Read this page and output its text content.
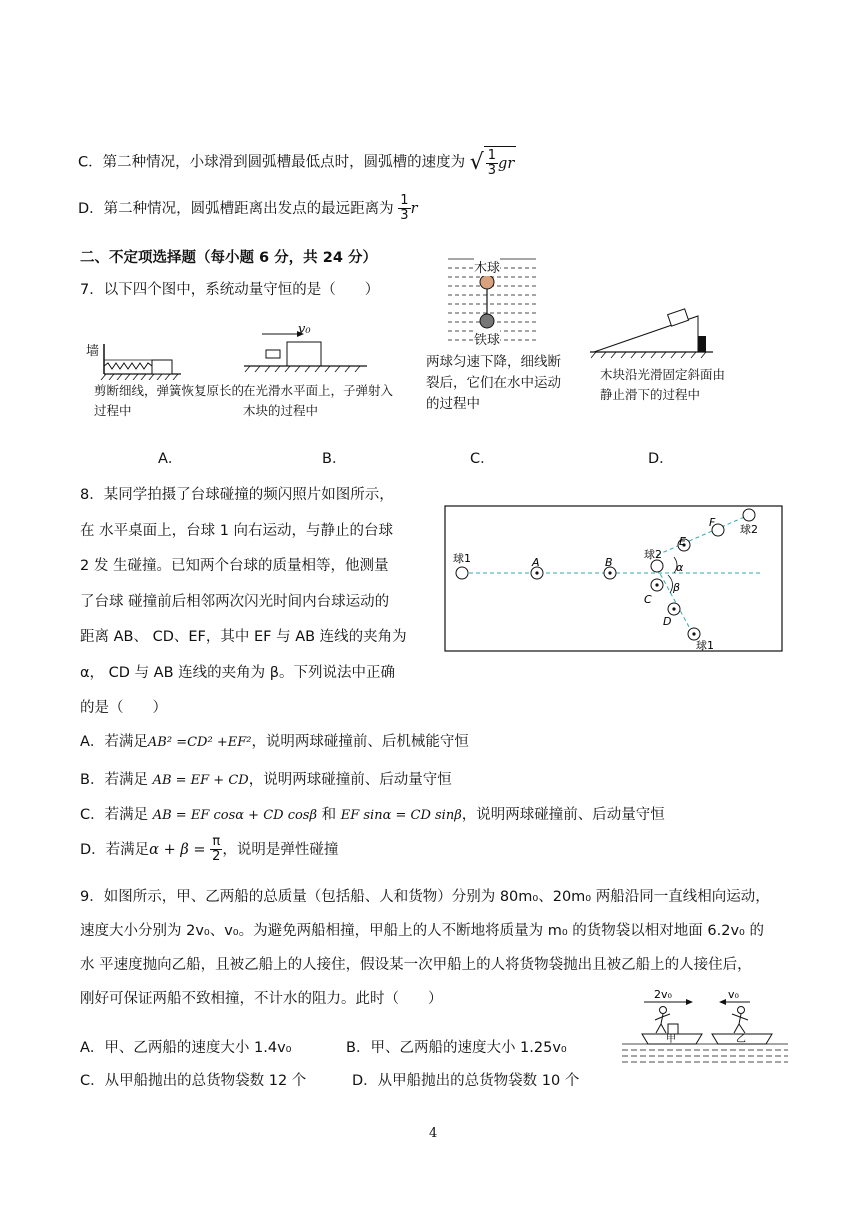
C．第二种情况，小球滑到圆弧槽最低点时，圆弧槽的速度为 √ $\frac{1}{3}$ gr
D．第二种情况，圆弧槽距离出发点的最远距离为 $\frac{1}{3}$ r
二、不定项选择题（每小题 6 分，共 24 分）
7．以下四个图中，系统动量守恒的是（　　）
墙
剪断细线，弹簧恢复原长的过程中
v₀
在光滑水平面上，子弹射入木块的过程中
木球
铁球
两球匀速下降，细线断裂后，它们在水中运动的过程中
木块沿光滑固定斜面由静止滑下的过程中
A．	B．	C．	D．
8．某同学拍摄了台球碰撞的频闪照片如图所示，
在 水平桌面上，台球 1 向右运动，与静止的台球
2 发 生碰撞。已知两个台球的质量相等，他测量
了台球 碰撞前后相邻两次闪光时间内台球运动的
距离 AB、 CD、EF，其中 EF 与 AB 连线的夹角为
α， CD 与 AB 连线的夹角为 β。下列说法中正确
的是（　　）
球1	A	B
球2
E
F
球2
α
β
C
D
球1
A．若满足AB² =CD² +EF²，说明两球碰撞前、后机械能守恒
B．若满足 AB = EF + CD，说明两球碰撞前、后动量守恒
C．若满足 AB = EF cosα + CD cosβ 和 EF sinα = CD sinβ，说明两球碰撞前、后动量守恒
D．若满足$\alpha + \beta = \frac{\pi}{2}$ ，说明是弹性碰撞
9．如图所示，甲、乙两船的总质量（包括船、人和货物）分别为 80m₀、20m₀ 两船沿同一直线相向运动，
速度大小分别为 2v₀、v₀。为避免两船相撞，甲船上的人不断地将质量为 m₀ 的货物袋以相对地面 6.2v₀ 的
水 平速度抛向乙船，且被乙船上的人接住，假设某一次甲船上的人将货物袋抛出且被乙船上的人接住后，
刚好可保证两船不致相撞，不计水的阻力。此时（　　）
A．甲、乙两船的速度大小 1.4v₀	B．甲、乙两船的速度大小 1.25v₀
C．从甲船抛出的总货物袋数 12 个	D．从甲船抛出的总货物袋数 10 个
2v₀	v₀
甲	乙
4
